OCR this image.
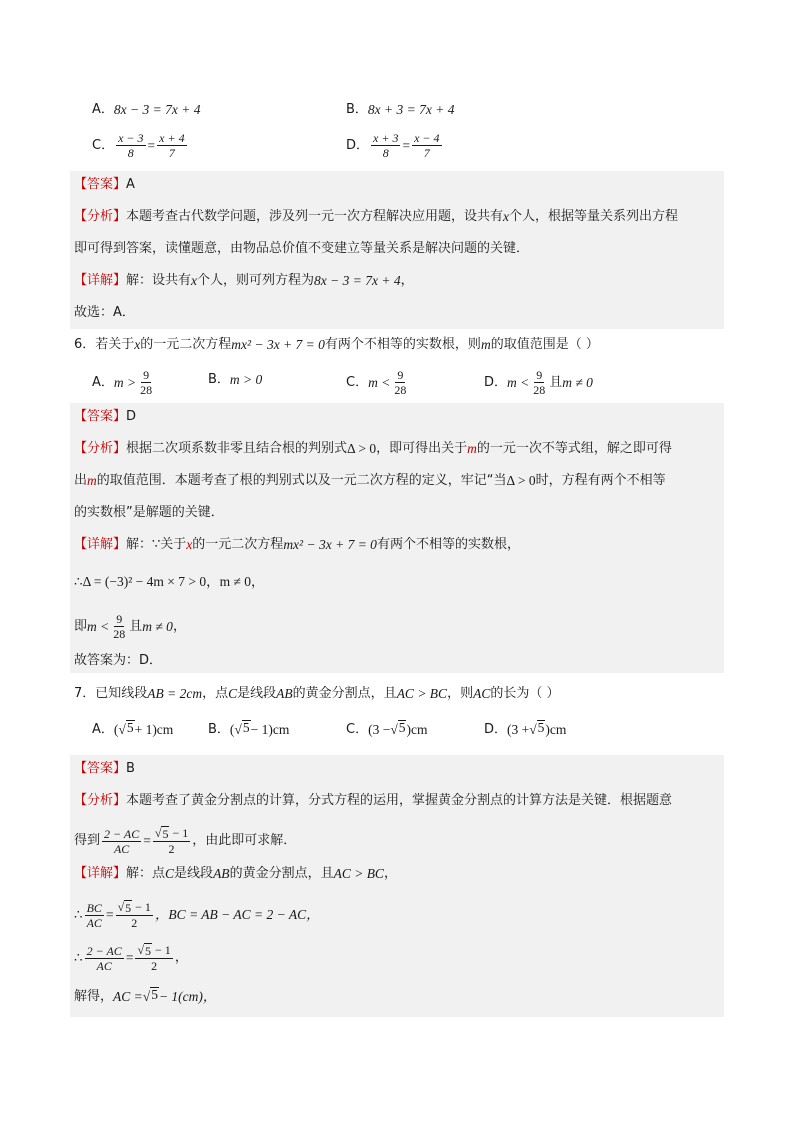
A． 8x − 3 = 7x + 4	B． 8x + 3 = 7x + 4
C． $\frac{x - 3}{8} = \frac{x + 4}{7}$	D． $\frac{x + 3}{8} = \frac{x - 4}{7}$
【答案】 A
【分析】 本题考查古代数学问题，涉及列一元一次方程解决应用题，设共有 x 个人，根据等量关系列出方程
即可得到答案，读懂题意，由物品总价值不变建立等量关系是解决问题的关键．
【详解】 解：设共有 x 个人，则可列方程为 8x − 3 = 7x + 4 ，
故选：A．
6．若关于 x 的一元二次方程 mx² − 3x + 7 = 0 有两个不相等的实数根，则 m 的取值范围是（ ）
A． $m > \frac{9}{28}$	B． m > 0	C． $m < \frac{9}{28}$	D． $m < \frac{9}{28}$ 且 m ≠ 0
【答案】 D
【分析】 根据二次项系数非零且结合根的判别式 Δ > 0 ，即可得出关于 m 的一元一次不等式组，解之即可得
出 m 的取值范围．本题考查了根的判别式以及一元二次方程的定义，牢记“当 Δ > 0 时，方程有两个不相等
的实数根”是解题的关键．
【详解】 解：∵关于 x 的一元二次方程 mx² − 3x + 7 = 0 有两个不相等的实数根，
∴Δ = (−3)² − 4m × 7 > 0，m ≠ 0，
即 $m < \frac{9}{28}$ 且 m ≠ 0 ，
故答案为：D．
7．已知线段 AB = 2cm ，点 C 是线段 AB 的黄金分割点，且 AC > BC ，则 AC 的长为（ ）
A． ( √ 5 + 1)cm	B． ( √ 5 − 1)cm	C． (3 − √ 5 )cm	D． (3 + √ 5 )cm
【答案】 B
【分析】 本题考查了黄金分割点的计算，分式方程的运用，掌握黄金分割点的计算方法是关键．根据题意
得到 $\frac{2 - AC}{AC} = \frac{√ 5 - 1}{2}$ ，由此即可求解．
【详解】 解：点 C 是线段 AB 的黄金分割点，且 AC > BC ，
∴ $\frac{BC}{AC} = \frac{√ 5 - 1}{2}$ ，BC = AB − AC = 2 − AC，
∴ $\frac{2 - AC}{AC} = \frac{√ 5 - 1}{2}$ ，
解得， AC = √ 5 − 1(cm)，
